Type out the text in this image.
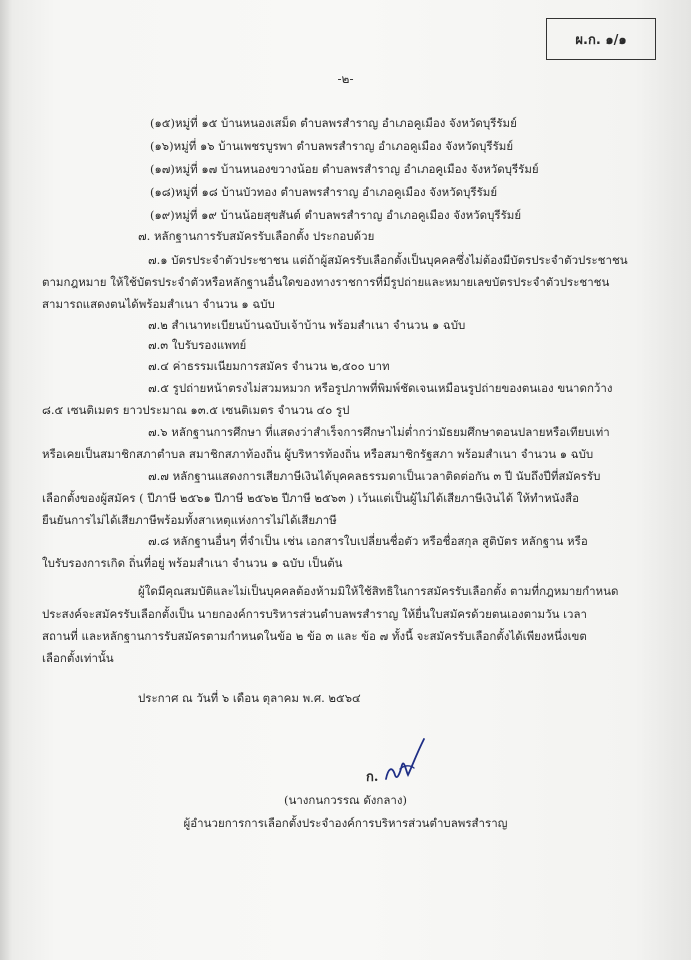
ผ.ก. ๑/๑
-๒-
(๑๕)หมู่ที่ ๑๕ บ้านหนองเสม็ด ตำบลพรสำราญ อำเภอคูเมือง จังหวัดบุรีรัมย์
(๑๖)หมู่ที่ ๑๖ บ้านเพชรบูรพา ตำบลพรสำราญ อำเภอคูเมือง จังหวัดบุรีรัมย์
(๑๗)หมู่ที่ ๑๗ บ้านหนองขวางน้อย ตำบลพรสำราญ อำเภอคูเมือง จังหวัดบุรีรัมย์
(๑๘)หมู่ที่ ๑๘ บ้านบัวทอง ตำบลพรสำราญ อำเภอคูเมือง จังหวัดบุรีรัมย์
(๑๙)หมู่ที่ ๑๙ บ้านน้อยสุขสันต์ ตำบลพรสำราญ อำเภอคูเมือง จังหวัดบุรีรัมย์
๗. หลักฐานการรับสมัครรับเลือกตั้ง ประกอบด้วย
๗.๑ บัตรประจำตัวประชาชน แต่ถ้าผู้สมัครรับเลือกตั้งเป็นบุคคลซึ่งไม่ต้องมีบัตรประจำตัวประชาชน
ตามกฎหมาย ให้ใช้บัตรประจำตัวหรือหลักฐานอื่นใดของทางราชการที่มีรูปถ่ายและหมายเลขบัตรประจำตัวประชาชน
สามารถแสดงตนได้พร้อมสำเนา จำนวน ๑ ฉบับ
๗.๒ สำเนาทะเบียนบ้านฉบับเจ้าบ้าน พร้อมสำเนา จำนวน ๑ ฉบับ
๗.๓ ใบรับรองแพทย์
๗.๔ ค่าธรรมเนียมการสมัคร จำนวน ๒,๕๐๐ บาท
๗.๕ รูปถ่ายหน้าตรงไม่สวมหมวก หรือรูปภาพที่พิมพ์ชัดเจนเหมือนรูปถ่ายของตนเอง ขนาดกว้าง
๘.๕ เซนติเมตร ยาวประมาณ ๑๓.๕ เซนติเมตร จำนวน ๔๐ รูป
๗.๖ หลักฐานการศึกษา ที่แสดงว่าสำเร็จการศึกษาไม่ต่ำกว่ามัธยมศึกษาตอนปลายหรือเทียบเท่า
หรือเคยเป็นสมาชิกสภาตำบล สมาชิกสภาท้องถิ่น ผู้บริหารท้องถิ่น หรือสมาชิกรัฐสภา พร้อมสำเนา จำนวน ๑ ฉบับ
๗.๗ หลักฐานแสดงการเสียภาษีเงินได้บุคคลธรรมดาเป็นเวลาติดต่อกัน ๓ ปี นับถึงปีที่สมัครรับ
เลือกตั้งของผู้สมัคร ( ปีภาษี ๒๕๖๑ ปีภาษี ๒๕๖๒ ปีภาษี ๒๕๖๓ ) เว้นแต่เป็นผู้ไม่ได้เสียภาษีเงินได้ ให้ทำหนังสือ
ยืนยันการไม่ได้เสียภาษีพร้อมทั้งสาเหตุแห่งการไม่ได้เสียภาษี
๗.๘ หลักฐานอื่นๆ ที่จำเป็น เช่น เอกสารใบเปลี่ยนชื่อตัว หรือชื่อสกุล สูติบัตร หลักฐาน หรือ
ใบรับรองการเกิด ถิ่นที่อยู่ พร้อมสำเนา จำนวน ๑ ฉบับ เป็นต้น
ผู้ใดมีคุณสมบัติและไม่เป็นบุคคลต้องห้ามมิให้ใช้สิทธิในการสมัครรับเลือกตั้ง ตามที่กฎหมายกำหนด
ประสงค์จะสมัครรับเลือกตั้งเป็น นายกองค์การบริหารส่วนตำบลพรสำราญ ให้ยื่นใบสมัครด้วยตนเองตามวัน เวลา
สถานที่ และหลักฐานการรับสมัครตามกำหนดในข้อ ๒ ข้อ ๓ และ ข้อ ๗ ทั้งนี้ จะสมัครรับเลือกตั้งได้เพียงหนึ่งเขต
เลือกตั้งเท่านั้น
ประกาศ ณ วันที่ ๖ เดือน ตุลาคม พ.ศ. ๒๕๖๔
ก.
(นางกนกวรรณ ดังกลาง)
ผู้อำนวยการการเลือกตั้งประจำองค์การบริหารส่วนตำบลพรสำราญ
